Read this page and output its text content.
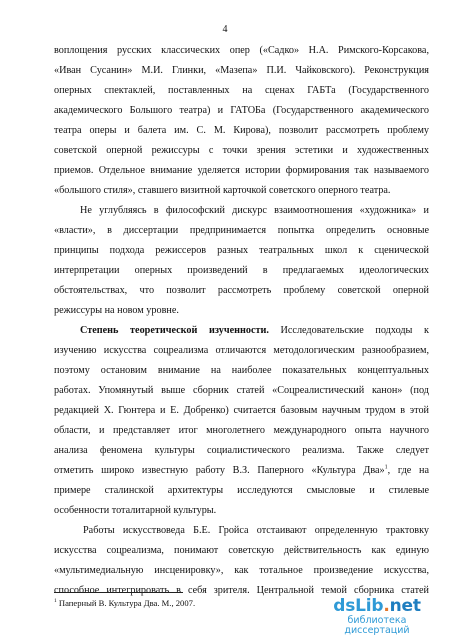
4
воплощения русских классических опер («Садко» Н.А. Римского-Корсакова,
«Иван Сусанин» М.И. Глинки, «Мазепа» П.И. Чайковского). Реконструкция
оперных спектаклей, поставленных на сценах ГАБТа (Государственного
академического Большого театра) и ГАТОБа (Государственного академического
театра оперы и балета им. С. М. Кирова), позволит рассмотреть проблему
советской оперной режиссуры с точки зрения эстетики и художественных
приемов. Отдельное внимание уделяется истории формирования так называемого
«большого стиля», ставшего визитной карточкой советского оперного театра.
Не углубляясь в философский дискурс взаимоотношения «художника» и
«власти», в диссертации предпринимается попытка определить основные
принципы подхода режиссеров разных театральных школ к сценической
интерпретации оперных произведений в предлагаемых идеологических
обстоятельствах, что позволит рассмотреть проблему советской оперной
режиссуры на новом уровне.
Степень теоретической изученности. Исследовательские подходы к
изучению искусства соцреализма отличаются методологическим разнообразием,
поэтому остановим внимание на наиболее показательных концептуальных
работах. Упомянутый выше сборник статей «Соцреалистический канон» (под
редакцией Х. Гюнтера и Е. Добренко) считается базовым научным трудом в этой
области, и представляет итог многолетнего международного опыта научного
анализа феномена культуры социалистического реализма. Также следует
отметить широко известную работу В.З. Паперного «Культура Два»$^1$, где на
примере сталинской архитектуры исследуются смысловые и стилевые
особенности тоталитарной культуры.
Работы искусствоведа Б.Е. Гройса отстаивают определенную трактовку
искусства соцреализма, понимают советскую действительность как единую
«мультимедиальную инсценировку», как тотальное произведение искусства,
способное интегрировать в себя зрителя. Центральной темой сборника статей
$^1$ Паперный В. Культура Два. М., 2007.	dsLib.net
библиотека диссертаций
